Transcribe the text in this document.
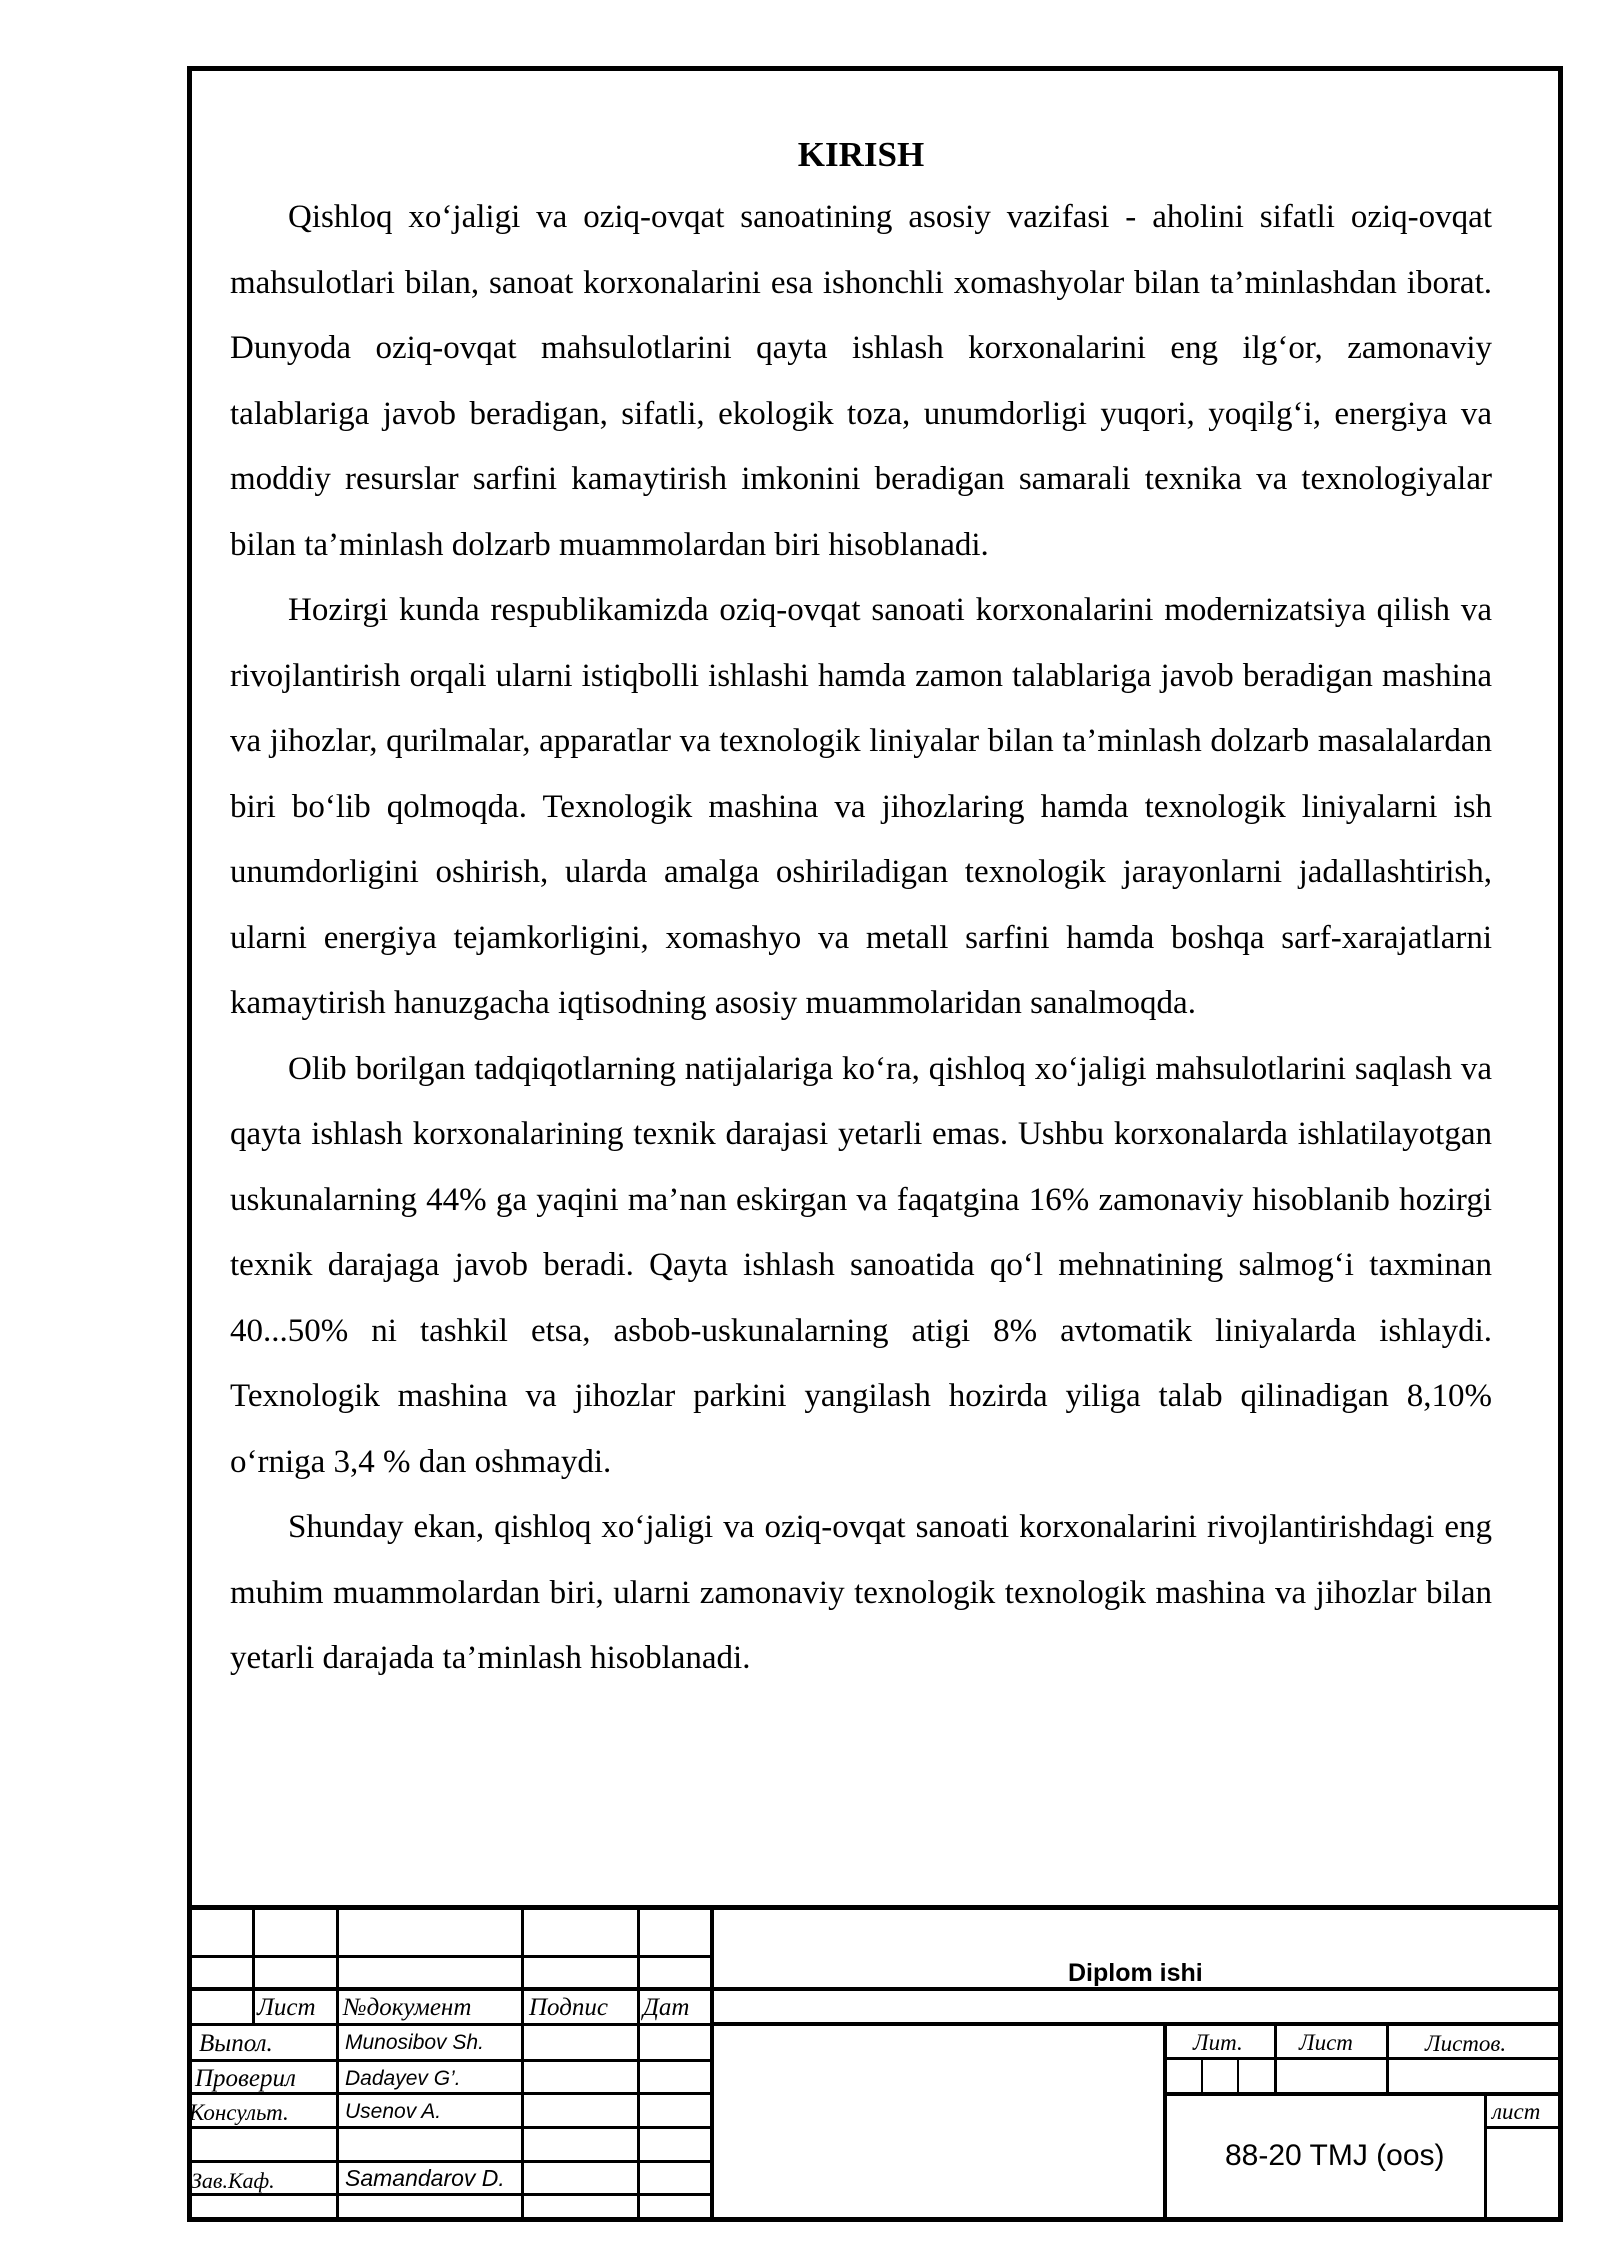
KIRISH

Qishloq xo‘jaligi va oziq-ovqat sanoatining asosiy vazifasi - aholini sifatli oziq-ovqat mahsulotlari bilan, sanoat korxonalarini esa ishonchli xomashyolar bilan ta’minlashdan iborat. Dunyoda oziq-ovqat mahsulotlarini qayta ishlash korxonalarini eng ilg‘or, zamonaviy talablariga javob beradigan, sifatli, ekologik toza, unumdorligi yuqori, yoqilg‘i, energiya va moddiy resurslar sarfini kamaytirish imkonini beradigan samarali texnika va texnologiyalar bilan ta’minlash dolzarb muammolardan biri hisoblanadi.

Hozirgi kunda respublikamizda oziq-ovqat sanoati korxonalarini modernizatsiya qilish va rivojlantirish orqali ularni istiqbolli ishlashi hamda zamon talablariga javob beradigan mashina va jihozlar, qurilmalar, apparatlar va texnologik liniyalar bilan ta’minlash dolzarb masalalardan biri bo‘lib qolmoqda. Texnologik mashina va jihozlaring hamda texnologik liniyalarni ish unumdorligini oshirish, ularda amalga oshiriladigan texnologik jarayonlarni jadallashtirish, ularni energiya tejamkorligini, xomashyo va metall sarfini hamda boshqa sarf-xarajatlarni kamaytirish hanuzgacha iqtisodning asosiy muammolaridan sanalmoqda.

Olib borilgan tadqiqotlarning natijalariga ko‘ra, qishloq xo‘jaligi mahsulotlarini saqlash va qayta ishlash korxonalarining texnik darajasi yetarli emas. Ushbu korxonalarda ishlatilayotgan uskunalarning 44% ga yaqini ma’nan eskirgan va faqatgina 16% zamonaviy hisoblanib hozirgi texnik darajaga javob beradi. Qayta ishlash sanoatida qo‘l mehnatining salmog‘i taxminan 40...50% ni tashkil etsa, asbob-uskunalarning atigi 8% avtomatik liniyalarda ishlaydi. Texnologik mashina va jihozlar parkini yangilash hozirda yiliga talab qilinadigan 8,10% o‘rniga 3,4 % dan oshmaydi.

Shunday ekan, qishloq xo‘jaligi va oziq-ovqat sanoati korxonalarini rivojlantirishdagi eng muhim muammolardan biri, ularni zamonaviy texnologik texnologik mashina va jihozlar bilan yetarli darajada ta’minlash hisoblanadi.

Diplom ishi
Лист №документ Подпис Дат
Выпол.	Munosibov Sh.
Проверил Dadayev G’.
Консульт.	Usenov A.
Зав.Каф.	Samandarov D.
Лит. Лист	Листов.
лист
88-20 TMJ (oos)
